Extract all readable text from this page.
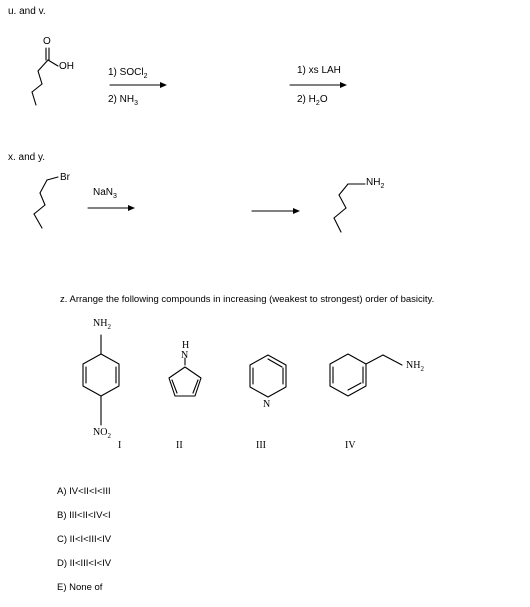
u. and v.
O
OH
1) SOCl$_2$
2) $NH_3$
1) xs LAH
2) $H_2O$
x. and y.
Br
NaN$_3$
$NH_2$
z. Arrange the following compounds in increasing (weakest to strongest) order of basicity.
$NH_2$
$NO_2$
H
N
N
$NH_2$
I	II	III	IV
A) IV<II<I<III
B) III<II<IV<I
C) II<I<III<IV
D) II<III<I<IV
E) None of
